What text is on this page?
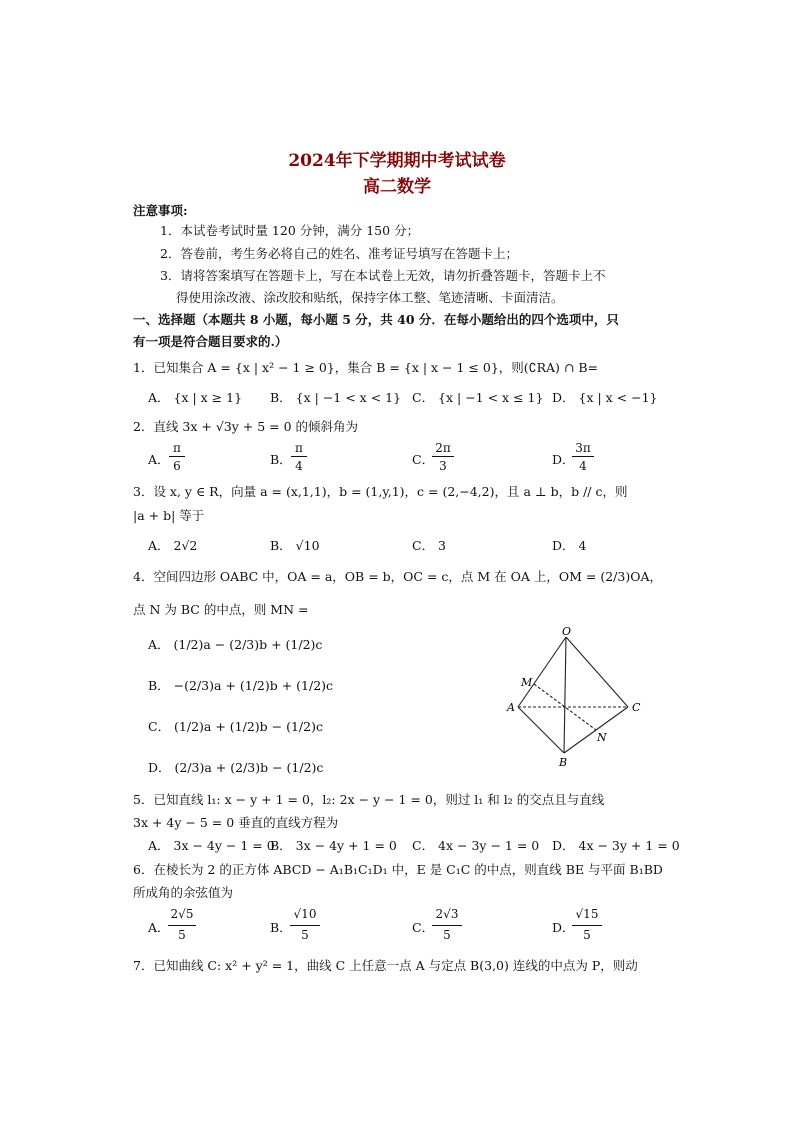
2024年下学期期中考试试卷
高二数学
注意事项:
1．本试卷考试时量 120 分钟，满分 150 分；
2．答卷前，考生务必将自己的姓名、准考证号填写在答题卡上；
3．请将答案填写在答题卡上，写在本试卷上无效，请勿折叠答题卡，答题卡上不
得使用涂改液、涂改胶和贴纸，保持字体工整、笔迹清晰、卡面清洁。
一、选择题（本题共 8 小题，每小题 5 分，共 40 分．在每小题给出的四个选项中，只
有一项是符合题目要求的.）
1．已知集合 A = {x | x² − 1 ≥ 0}，集合 B = {x | x − 1 ≤ 0}，则(∁RA) ∩ B=
A． {x | x ≥ 1} B． {x | −1 < x < 1} C． {x | −1 < x ≤ 1} D． {x | x < −1}
2．直线 3x + √3y + 5 = 0 的倾斜角为
A．
π
6	B．
π
4	C．
2π
3	D．
3π
4
3．设 x, y ∈ R，向量 a = (x,1,1)，b = (1,y,1)，c = (2,−4,2)，且 a ⊥ b，b // c，则
|a + b| 等于
A． 2√2	B． √10	C． 3	D． 4
4．空间四边形 OABC 中，OA = a，OB = b，OC = c，点 M 在 OA 上，OM = (2/3)OA，
点 N 为 BC 的中点，则 MN =
A． (1/2)a − (2/3)b + (1/2)c
B． −(2/3)a + (1/2)b + (1/2)c
C． (1/2)a + (1/2)b − (1/2)c
D． (2/3)a + (2/3)b − (1/2)c
O
M
A	C
N
B
5．已知直线 l₁: x − y + 1 = 0，l₂: 2x − y − 1 = 0，则过 l₁ 和 l₂ 的交点且与直线
3x + 4y − 5 = 0 垂直的直线方程为
A． 3x − 4y − 1 = 0
B． 3x − 4y + 1 = 0 C． 4x − 3y − 1 = 0 D． 4x − 3y + 1 = 0
6．在棱长为 2 的正方体 ABCD − A₁B₁C₁D₁ 中，E 是 C₁C 的中点，则直线 BE 与平面 B₁BD
所成角的余弦值为
A．
2√5
5	B．
√10
5	C．
2√3
5	D．
√15
5
7．已知曲线 C: x² + y² = 1，曲线 C 上任意一点 A 与定点 B(3,0) 连线的中点为 P，则动
